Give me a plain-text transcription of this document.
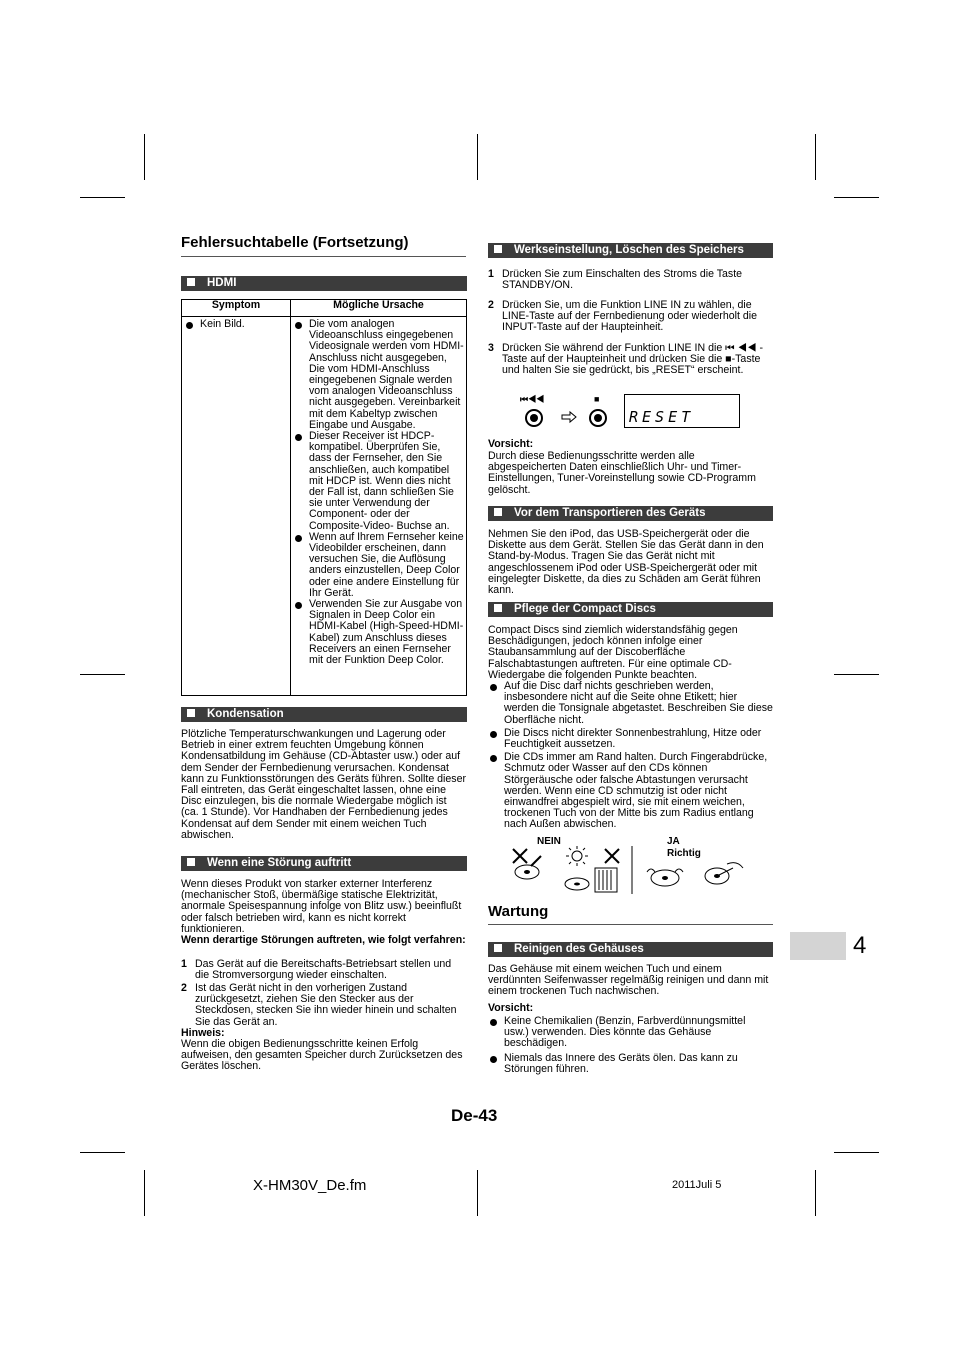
Fehlersuchtabelle (Fortsetzung)
HDMI
Symptom	Mögliche Ursache

Kein Bild.	Die vom analogen Videoanschluss eingegebenen Videosignale werden vom HDMI-Anschluss nicht ausgegeben, Die vom HDMI-Anschluss eingegebenen Signale werden vom analogen Videoanschluss nicht ausgegeben. Vereinbarkeit mit dem Kabeltyp zwischen Eingabe und Ausgabe.
Dieser Receiver ist HDCP-kompatibel. Überprüfen Sie, dass der Fernseher, den Sie anschließen, auch kompatibel mit HDCP ist. Wenn dies nicht der Fall ist, dann schließen Sie sie unter Verwendung der Component- oder der Composite-Video- Buchse an.
Wenn auf Ihrem Fernseher keine Videobilder erscheinen, dann versuchen Sie, die Auflösung anders einzustellen, Deep Color oder eine andere Einstellung für Ihr Gerät.
Verwenden Sie zur Ausgabe von Signalen in Deep Color ein HDMI-Kabel (High-Speed-HDMI-Kabel) zum Anschluss dieses Receivers an einen Fernseher mit der Funktion Deep Color.
Kondensation
Plötzliche Temperaturschwankungen und Lagerung oder Betrieb in einer extrem feuchten Umgebung können Kondensatbildung im Gehäuse (CD-Abtaster usw.) oder auf dem Sender der Fernbedienung verursachen. Kondensat kann zu Funktionsstörungen des Geräts führen. Sollte dieser Fall eintreten, das Gerät eingeschaltet lassen, ohne eine Disc einzulegen, bis die normale Wiedergabe möglich ist (ca. 1 Stunde). Vor Handhaben der Fernbedienung jedes Kondensat auf dem Sender mit einem weichen Tuch abwischen.
Wenn eine Störung auftritt
Wenn dieses Produkt von starker externer Interferenz (mechanischer Stoß, übermäßige statische Elektrizität, anormale Speisespannung infolge von Blitz usw.) beeinflußt oder falsch betrieben wird, kann es nicht korrekt funktionieren.
Wenn derartige Störungen auftreten, wie folgt verfahren:
1 Das Gerät auf die Bereitschafts-Betriebsart stellen und die Stromversorgung wieder einschalten.
2 Ist das Gerät nicht in den vorherigen Zustand zurückgesetzt, ziehen Sie den Stecker aus der Steckdosen, stecken Sie ihn wieder hinein und schalten Sie das Gerät an.
Hinweis:
Wenn die obigen Bedienungsschritte keinen Erfolg aufweisen, den gesamten Speicher durch Zurücksetzen des Gerätes löschen.
Werkseinstellung, Löschen des Speichers
1 Drücken Sie zum Einschalten des Stroms die Taste STANDBY/ON.
2 Drücken Sie, um die Funktion LINE IN zu wählen, die LINE-Taste auf der Fernbedienung oder wiederholt die INPUT-Taste auf der Haupteinheit.
3 Drücken Sie während der Funktion LINE IN die ⏮ ◀◀ -Taste auf der Haupteinheit und drücken Sie die ■-Taste und halten Sie sie gedrückt, bis „RESET“ erscheint.
⏮◀◀	■
RESET
Vorsicht:
Durch diese Bedienungsschritte werden alle abgespeicherten Daten einschließlich Uhr- und Timer-Einstellungen, Tuner-Voreinstellung sowie CD-Programm gelöscht.
Vor dem Transportieren des Geräts
Nehmen Sie den iPod, das USB-Speichergerät oder die Diskette aus dem Gerät. Stellen Sie das Gerät dann in den Stand-by-Modus. Tragen Sie das Gerät nicht mit angeschlossenem iPod oder USB-Speichergerät oder mit eingelegter Diskette, da dies zu Schäden am Gerät führen kann.
Pflege der Compact Discs
Compact Discs sind ziemlich widerstandsfähig gegen Beschädigungen, jedoch können infolge einer Staubansammlung auf der Discoberfläche Falschabtastungen auftreten. Für eine optimale CD-Wiedergabe die folgenden Punkte beachten.
Auf die Disc darf nichts geschrieben werden, insbesondere nicht auf die Seite ohne Etikett; hier werden die Tonsignale abgetastet. Beschreiben Sie diese Oberfläche nicht.
Die Discs nicht direkter Sonnenbestrahlung, Hitze oder Feuchtigkeit aussetzen.
Die CDs immer am Rand halten. Durch Fingerabdrücke, Schmutz oder Wasser auf den CDs können Störgeräusche oder falsche Abtastungen verursacht werden. Wenn eine CD schmutzig ist oder nicht einwandfrei abgespielt wird, sie mit einem weichen, trockenen Tuch von der Mitte bis zum Radius entlang nach Außen abwischen.
NEIN	JA
Richtig
Wartung
Reinigen des Gehäuses
Das Gehäuse mit einem weichen Tuch und einem verdünnten Seifenwasser regelmäßig reinigen und dann mit einem trockenen Tuch nachwischen.
Vorsicht:
Keine Chemikalien (Benzin, Farbverdünnungsmittel usw.) verwenden. Dies könnte das Gehäuse beschädigen.
Niemals das Innere des Geräts ölen. Das kann zu Störungen führen.
4
De-43
X-HM30V_De.fm	2011Juli 5
